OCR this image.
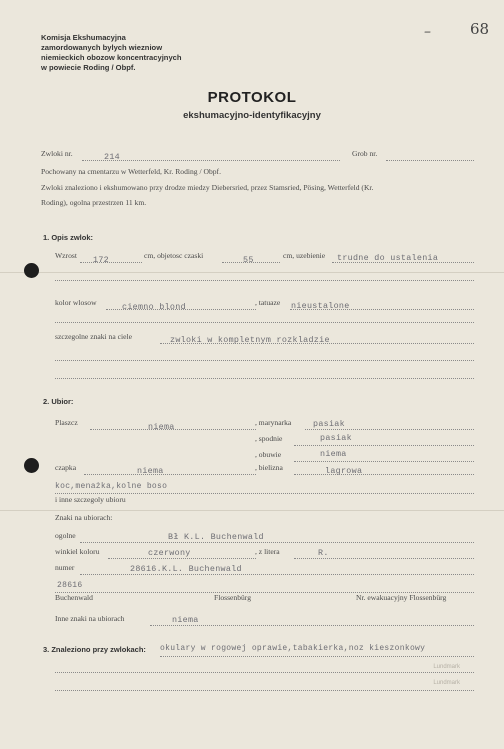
–	68
Komisja Ekshumacyjna
zamordowanych bylych wiezniow
niemieckich obozow koncentracyjnych
w powiecie Roding / Obpf.
PROTOKOL
ekshumacyjno-identyfikacyjny
Zwloki nr.	214	Grob nr.
Pochowany na cmentarzu w Wetterfeld, Kr. Roding / Obpf.
Zwloki znaleziono i ekshumowano przy drodze miedzy Diebersried, przez Stamsried, Pösing, Wetterfeld (Kr.
Roding), ogolna przestrzen 11 km.
1. Opis zwlok:
Wzrost 172	cm, objetosc czaski	55	cm, uzebienie trudne do ustalenia
kolor wlosow	ciemno blond	, tatuaze nieustalone
szczegolne znaki na ciele	zwloki w kompletnym rozkladzie
2. Ubior:
Plaszcz	niema	, marynarka	pasiak
, spodnie	pasiak
, obuwie	niema
czapka	niema	, bielizna	lagrowa
koc,menażka,kolne boso
i inne szczegoly ubioru
Znaki na ubiorach:
ogolne	Bł K.L. Buchenwald
winkiel koloru	czerwony	, z litera	R.
numer	28616.K.L. Buchenwald
28616
Buchenwald	Flossenbürg	Nr. ewakuacyjny Flossenbürg
Inne znaki na ubiorach	niema
3. Znaleziono przy zwlokach: okulary w rogowej oprawie,tabakierka,noz kieszonkowy
Lundmark
Lundmark
